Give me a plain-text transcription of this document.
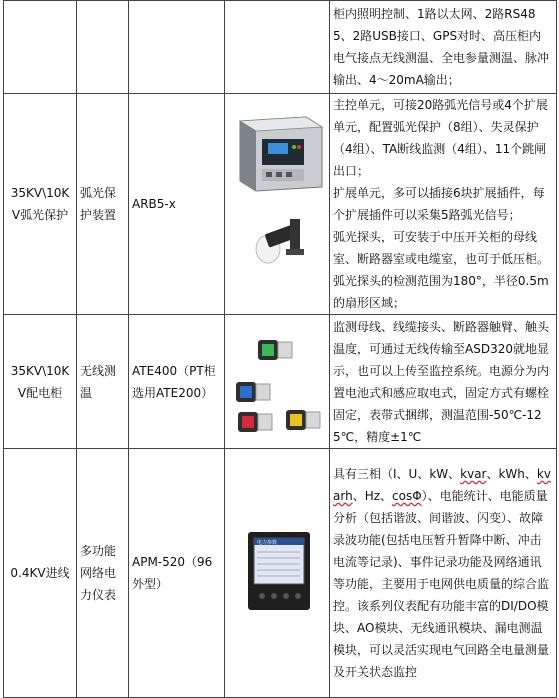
				柜内照明控制、1路以太网、2路RS485、2路USB接口、GPS对时、高压柜内电气接点无线测温、全电参量测温、脉冲输出、4～20mA输出；

35KV\10KV弧光保护	弧光保护装置	ARB5-x		主控单元，可接20路弧光信号或4个扩展单元，配置弧光保护（8组）、失灵保护（4组）、TA断线监测（4组）、11个跳闸出口；

扩展单元，多可以插接6块扩展插件，每个扩展插件可以采集5路弧光信号；

弧光探头，可安装于中压开关柜的母线室、断路器室或电缆室，也可于低压柜。弧光探头的检测范围为180°，半径0.5m的扇形区域；

35KV\10KV配电柜	无线测温	ATE400（PT柜选用ATE200）		监测母线、线缆接头、断路器触臂、触头温度，可通过无线传输至ASD320就地显示，也可以上传至监控系统。电源分为内置电池式和感应取电式，固定方式有螺栓固定，表带式捆绑，测温范围-50℃-125℃，精度±1℃

0.4KV进线	多功能网络电力仪表	APM-520（96外型）	电力参数	具有三相（I、U、kW、kvar、kWh、kvarh、Hz、cosΦ）、电能统计、电能质量分析（包括谐波、间谐波、闪变）、故障录波功能(包括电压暂升暂降中断、冲击电流等记录)、事件记录功能及网络通讯等功能，主要用于电网供电质量的综合监控。该系列仪表配有功能丰富的DI/DO模块、AO模块、无线通讯模块、漏电测温模块，可以灵活实现电气回路全电量测量及开关状态监控
